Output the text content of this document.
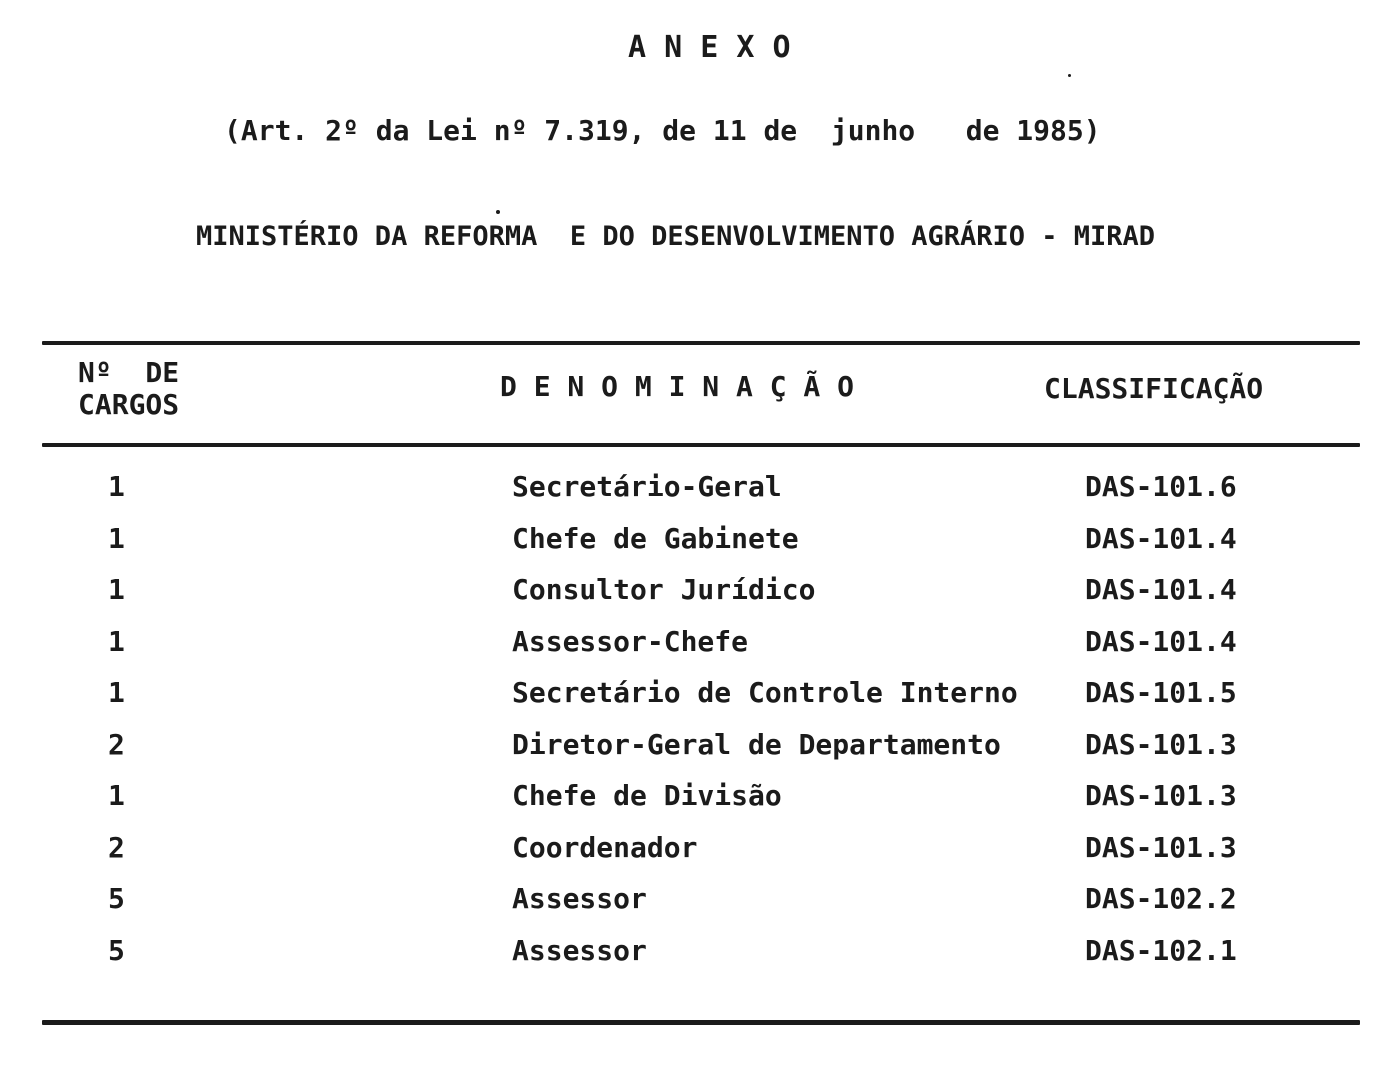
A N E X O
(Art. 2º da Lei nº 7.319, de 11 de  junho   de 1985)
MINISTÉRIO DA REFORMA  E DO DESENVOLVIMENTO AGRÁRIO - MIRAD
Nº  DE
CARGOS
D E N O M I N A Ç Ã O	CLASSIFICAÇÃO
1	Secretário-Geral	DAS-101.6
1	Chefe de Gabinete	DAS-101.4
1	Consultor Jurídico	DAS-101.4
1	Assessor-Chefe	DAS-101.4
1	Secretário de Controle Interno DAS-101.5
2	Diretor-Geral de Departamento	DAS-101.3
1	Chefe de Divisão	DAS-101.3
2	Coordenador	DAS-101.3
5	Assessor	DAS-102.2
5	Assessor	DAS-102.1
